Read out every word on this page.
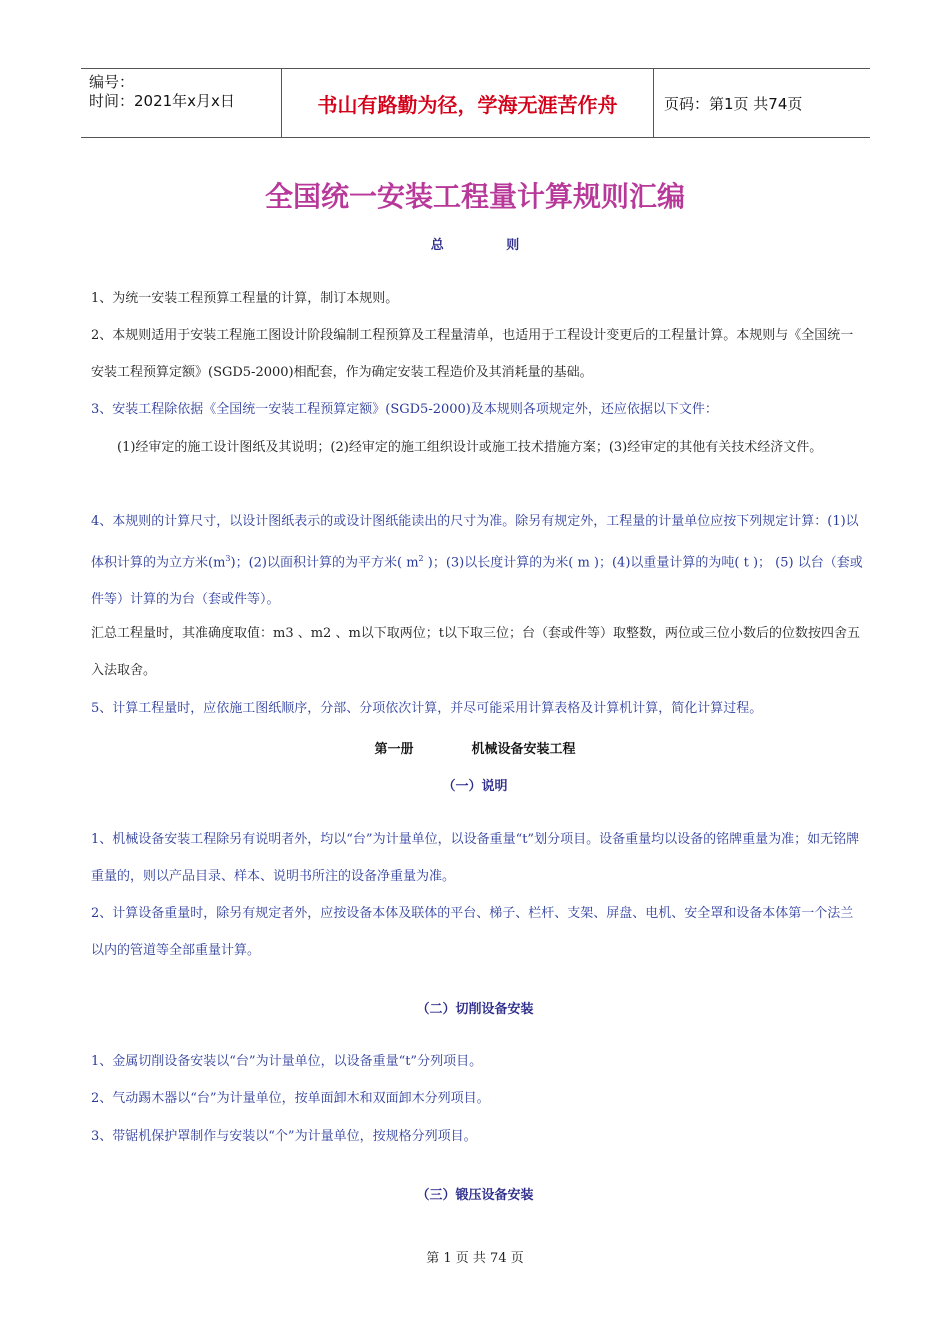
编号：
时间：2021年x月x日	书山有路勤为径，学海无涯苦作舟	页码：第1页 共74页
全国统一安装工程量计算规则汇编
总 则

1、为统一安装工程预算工程量的计算，制订本规则。

2、本规则适用于安装工程施工图设计阶段编制工程预算及工程量清单，也适用于工程设计变更后的工程量计算。本规则与《全国统一安装工程预算定额》(SGD5-2000)相配套，作为确定安装工程造价及其消耗量的基础。

3、安装工程除依据《全国统一安装工程预算定额》(SGD5-2000)及本规则各项规定外，还应依据以下文件：

(1)经审定的施工设计图纸及其说明；(2)经审定的施工组织设计或施工技术措施方案；(3)经审定的其他有关技术经济文件。

4、本规则的计算尺寸，以设计图纸表示的或设计图纸能读出的尺寸为准。除另有规定外，工程量的计量单位应按下列规定计算：(1)以体积计算的为立方米$(m^3)$；(2)以面积计算的为平方米( $m^2$ )；(3)以长度计算的为米( m )；(4)以重量计算的为吨( t )； (5) 以台（套或件等）计算的为台（套或件等）。

汇总工程量时，其准确度取值：m3 、m2 、m以下取两位；t以下取三位；台（套或件等）取整数，两位或三位小数后的位数按四舍五入法取舍。

5、计算工程量时，应依施工图纸顺序，分部、分项依次计算，并尽可能采用计算表格及计算机计算，简化计算过程。

第一册	机械设备安装工程
（一）说明

1、机械设备安装工程除另有说明者外，均以“台”为计量单位，以设备重量“t”划分项目。设备重量均以设备的铭牌重量为准；如无铭牌重量的，则以产品目录、样本、说明书所注的设备净重量为准。

2、计算设备重量时，除另有规定者外，应按设备本体及联体的平台、梯子、栏杆、支架、屏盘、电机、安全罩和设备本体第一个法兰以内的管道等全部重量计算。

（二）切削设备安装

1、金属切削设备安装以“台”为计量单位，以设备重量“t”分列项目。

2、气动踢木器以“台”为计量单位，按单面卸木和双面卸木分列项目。

3、带锯机保护罩制作与安装以“个”为计量单位，按规格分列项目。

（三）锻压设备安装
第 1 页 共 74 页
